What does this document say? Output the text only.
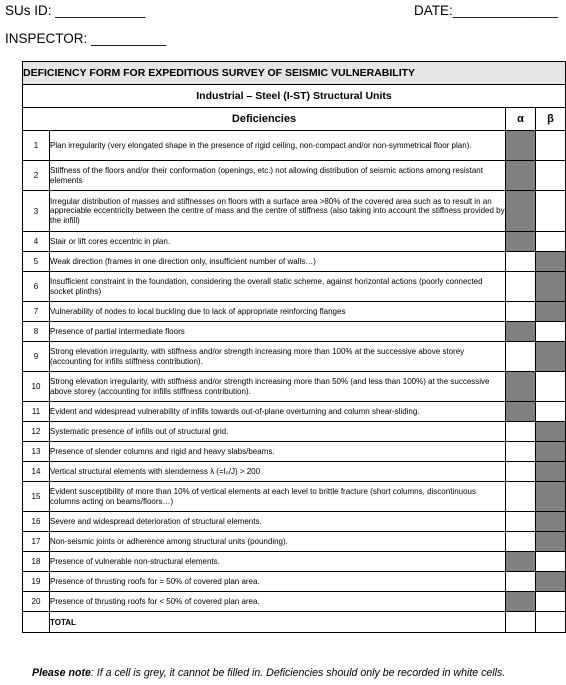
SUs ID: ____________	DATE:______________
INSPECTOR: __________
DEFICIENCY FORM FOR EXPEDITIOUS SURVEY OF SEISMIC VULNERABILITY			
Industrial – Steel (I-ST) Structural Units			
Deficiencies		α	β
1	Plan irregularity (very elongated shape in the presence of rigid ceiling, non-compact and/or non-symmetrical floor plan).		
2	Stiffness of the floors and/or their conformation (openings, etc.) not allowing distribution of seismic actions among resistant elements		
3	Irregular distribution of masses and stiffnesses on floors with a surface area >80% of the covered area such as to result in an appreciable eccentricity between the centre of mass and the centre of stiffness (also taking into account the stiffness provided by the infill)		
4	Stair or lift cores eccentric in plan.		
5	Weak direction (frames in one direction only, insufficient number of walls…)		
6	Insufficient constraint in the foundation, considering the overall static scheme, against horizontal actions (poorly connected socket plinths)		
7	Vulnerability of nodes to local buckling due to lack of appropriate reinforcing flanges		
8	Presence of partial intermediate floors		
9	Strong elevation irregularity, with stiffness and/or strength increasing more than 100% at the successive above storey (accounting for infills stiffness contribution).		
10	Strong elevation irregularity, with stiffness and/or strength increasing more than 50% (and less than 100%) at the successive above storey (accounting for infills stiffness contribution).		
11	Evident and widespread vulnerability of infills towards out-of-plane overturning and column shear-sliding.		
12	Systematic presence of infills out of structural grid.		
13	Presence of slender columns and rigid and heavy slabs/beams.		
14	Vertical structural elements with slenderness λ (=l₀/J) > 200		
15	Evident susceptibility of more than 10% of vertical elements at each level to brittle fracture (short columns, discontinuous columns acting on beams/floors…)		
16	Severe and widespread deterioration of structural elements.		
17	Non-seismic joints or adherence among structural units (pounding).		
18	Presence of vulnerable non-structural elements.		
19	Presence of thrusting roofs for = 50% of covered plan area.		
20	Presence of thrusting roofs for < 50% of covered plan area.		
	TOTAL		
Please note: If a cell is grey, it cannot be filled in. Deficiencies should only be recorded in white cells.
